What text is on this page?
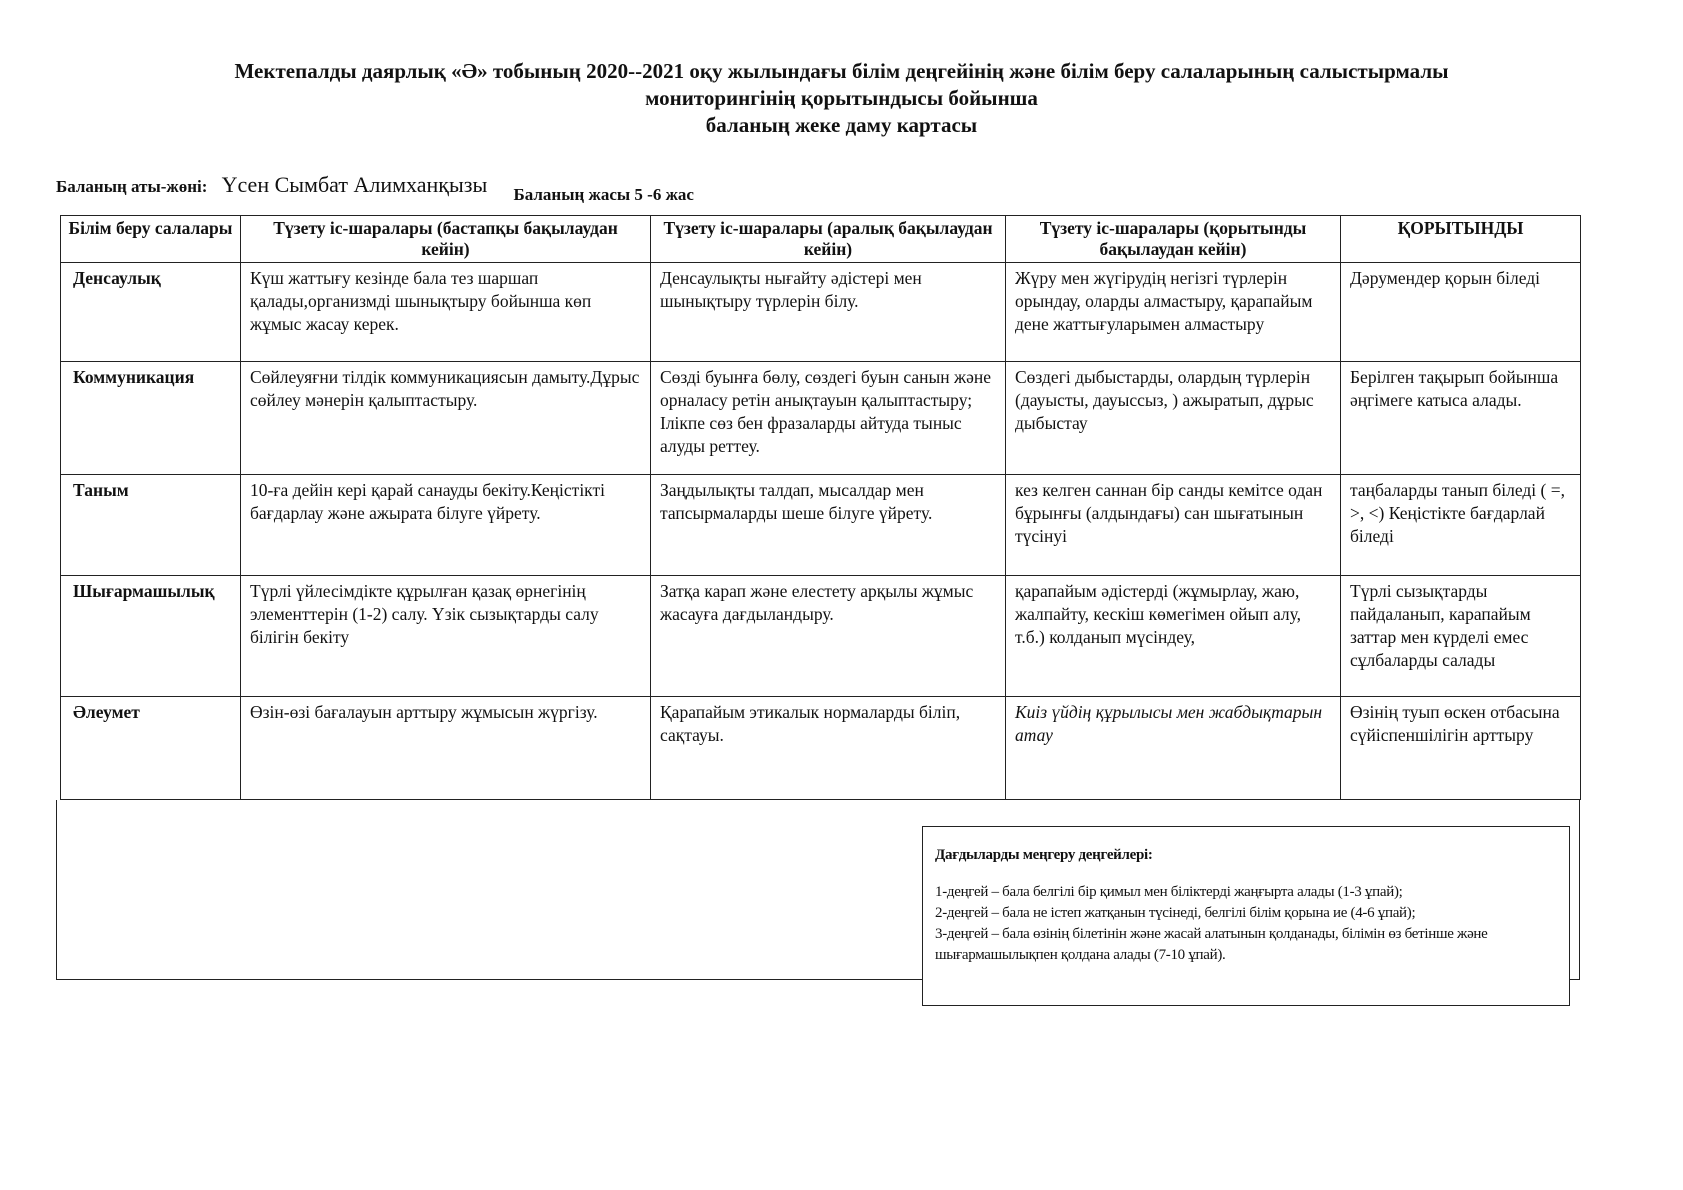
Мектепалды даярлық «Ә» тобының 2020--2021 оқу жылындағы білім деңгейінің және білім беру салаларының салыстырмалы
мониторингінің қорытындысы бойынша
баланың жеке даму картасы
Баланың аты-жөні: Үсен Сымбат Алимханқызы Баланың жасы 5 -6 жас
Білім беру салалары	Түзету іс-шаралары (бастапқы бақылаудан кейін)	Түзету іс-шаралары (аралық бақылаудан кейін)	Түзету іс-шаралары (қорытынды бақылаудан кейін)	ҚОРЫТЫНДЫ
Денсаулық	Күш жаттығу кезінде бала тез шаршап қалады,организмді шынықтыру бойынша көп жұмыс жасау керек.	Денсаулықты нығайту әдістері мен шынықтыру түрлерін білу.	Жүру мен жүгірудің негізгі түрлерін орындау, оларды алмастыру, қарапайым дене жаттығуларымен алмастыру	Дәрумендер қорын біледі
Коммуникация	Сөйлеуяғни тілдік коммуникациясын дамыту.Дұрыс сөйлеу мәнерін қалыптастыру.	Сөзді буынға бөлу, сөздегі буын санын және орналасу ретін анықтауын қалыптастыру; Ілікпе сөз бен фразаларды айтуда тыныс алуды реттеу.	Сөздегі дыбыстарды, олардың түрлерін (дауысты, дауыссыз, ) ажыратып, дұрыс дыбыстау	Берілген тақырып бойынша әңгімеге катыса алады.
Таным	10-ға дейін кері қарай санауды бекіту.Кеңістікті бағдарлау және ажырата білуге үйрету.	Заңдылықты талдап, мысалдар мен тапсырмаларды шеше білуге үйрету.	кез келген саннан бір санды кемітсе одан бұрынғы (алдындағы) сан шығатынын түсінуі	таңбаларды танып біледі ( =, >, <) Кеңістікте бағдарлай біледі
Шығармашылық	Түрлі үйлесімдікте құрылған қазақ өрнегінің элементтерін (1-2) салу. Үзік сызықтарды салу білігін бекіту	Затқа карап және елестету арқылы жұмыс жасауға дағдыландыру.	қарапайым әдістерді (жұмырлау, жаю, жалпайту, кескіш көмегімен ойып алу, т.б.) колданып мүсіндеу,	Түрлі сызықтарды пайдаланып, карапайым заттар мен күрделі емес сұлбаларды салады
Әлеумет	Өзін-өзі бағалауын арттыру жұмысын жүргізу.	Қарапайым этикалык нормаларды біліп, сақтауы.	Киіз үйдің құрылысы мен жабдықтарын атау	Өзінің туып өскен отбасына сүйіспеншілігін арттыру
Дағдыларды меңгеру деңгейлері:
1-деңгей – бала белгілі бір қимыл мен біліктерді жаңғырта алады (1-3 ұпай);
2-деңгей – бала не істеп жатқанын түсінеді, белгілі білім қорына ие (4-6 ұпай);
3-деңгей – бала өзінің білетінін және жасай алатынын қолданады, білімін өз бетінше және шығармашылықпен қолдана алады (7-10 ұпай).
